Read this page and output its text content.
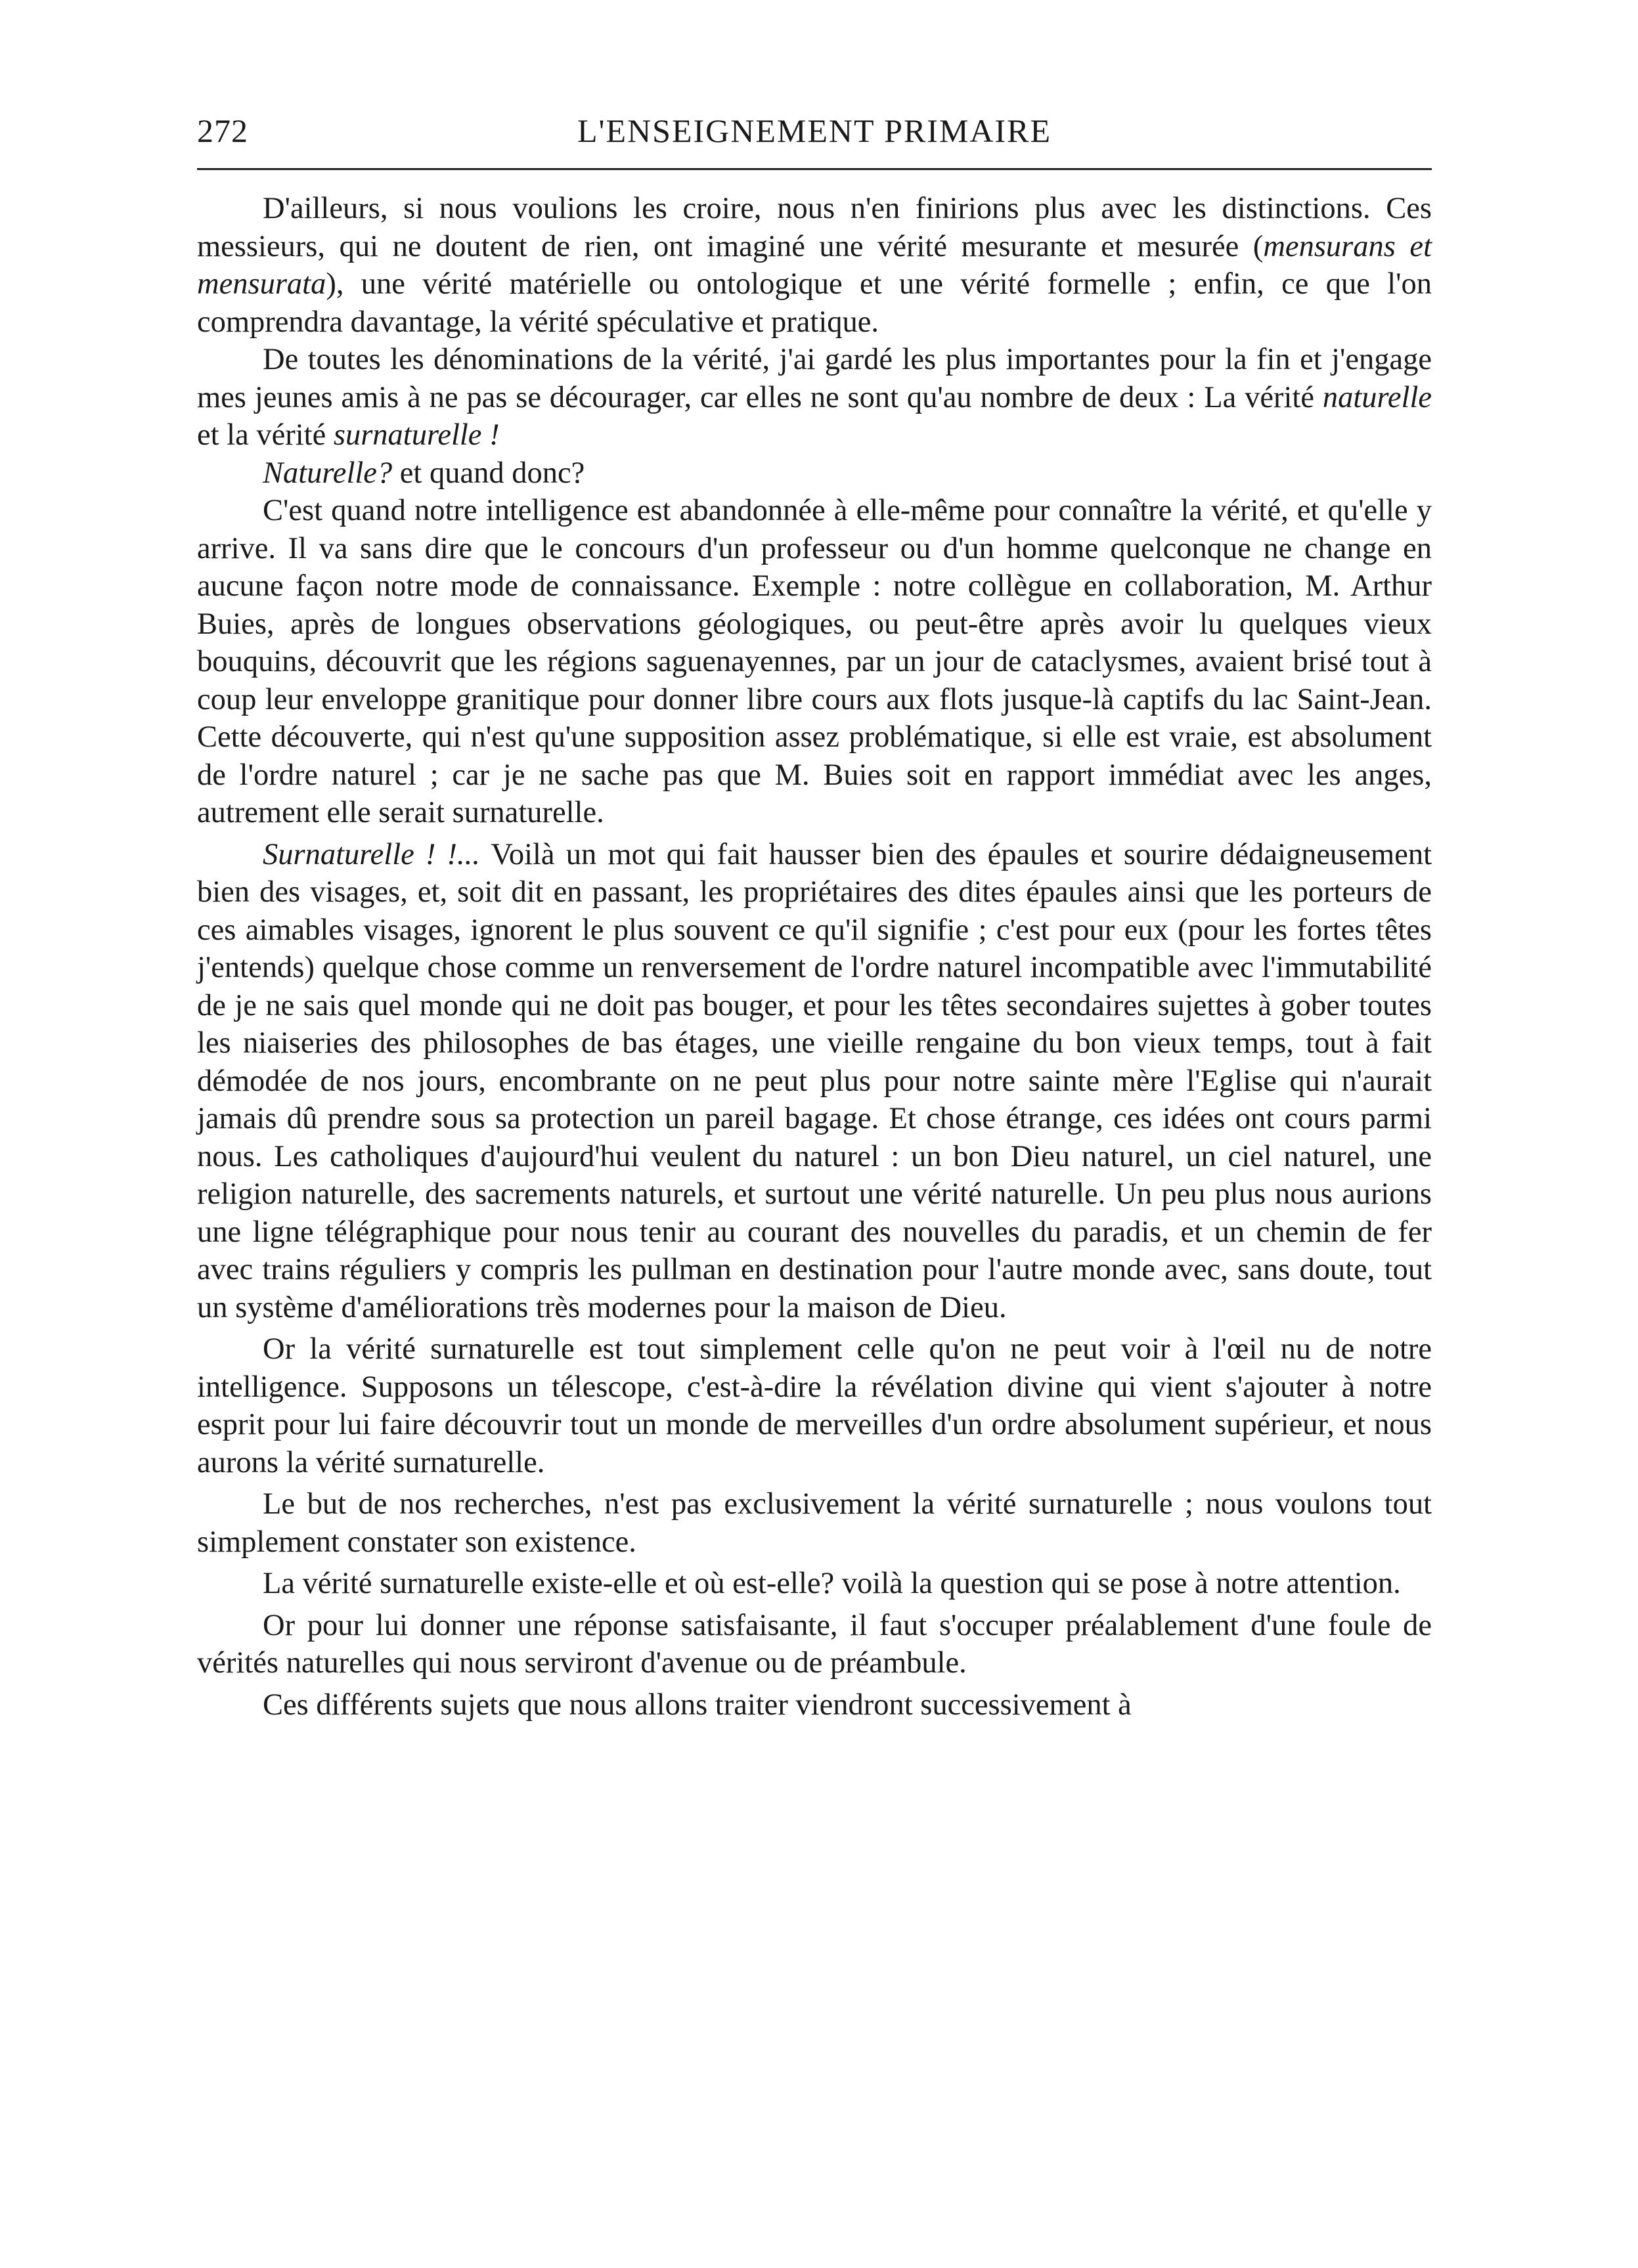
272	L'ENSEIGNEMENT PRIMAIRE

D'ailleurs, si nous voulions les croire, nous n'en finirions plus avec les distinctions. Ces messieurs, qui ne doutent de rien, ont imaginé une vérité mesurante et mesurée (mensurans et mensurata), une vérité matérielle ou ontologique et une vérité formelle ; enfin, ce que l'on comprendra davantage, la vérité spéculative et pratique.

De toutes les dénominations de la vérité, j'ai gardé les plus importantes pour la fin et j'engage mes jeunes amis à ne pas se décourager, car elles ne sont qu'au nombre de deux : La vérité naturelle et la vérité surnaturelle !

Naturelle? et quand donc?

C'est quand notre intelligence est abandonnée à elle-même pour connaître la vérité, et qu'elle y arrive. Il va sans dire que le concours d'un professeur ou d'un homme quelconque ne change en aucune façon notre mode de connaissance. Exemple : notre collègue en collaboration, M. Arthur Buies, après de longues observations géologiques, ou peut-être après avoir lu quelques vieux bouquins, découvrit que les régions saguenayennes, par un jour de cataclysmes, avaient brisé tout à coup leur enveloppe granitique pour donner libre cours aux flots jusque-là captifs du lac Saint-Jean. Cette découverte, qui n'est qu'une supposition assez problématique, si elle est vraie, est absolument de l'ordre naturel ; car je ne sache pas que M. Buies soit en rapport immédiat avec les anges, autrement elle serait surnaturelle.

Surnaturelle ! !... Voilà un mot qui fait hausser bien des épaules et sourire dédaigneusement bien des visages, et, soit dit en passant, les propriétaires des dites épaules ainsi que les porteurs de ces aimables visages, ignorent le plus souvent ce qu'il signifie ; c'est pour eux (pour les fortes têtes j'entends) quelque chose comme un renversement de l'ordre naturel incompatible avec l'immutabilité de je ne sais quel monde qui ne doit pas bouger, et pour les têtes secondaires sujettes à gober toutes les niaiseries des philosophes de bas étages, une vieille rengaine du bon vieux temps, tout à fait démodée de nos jours, encombrante on ne peut plus pour notre sainte mère l'Eglise qui n'aurait jamais dû prendre sous sa protection un pareil bagage. Et chose étrange, ces idées ont cours parmi nous. Les catholiques d'aujourd'hui veulent du naturel : un bon Dieu naturel, un ciel naturel, une religion naturelle, des sacrements naturels, et surtout une vérité naturelle. Un peu plus nous aurions une ligne télégraphique pour nous tenir au courant des nouvelles du paradis, et un chemin de fer avec trains réguliers y compris les pullman en destination pour l'autre monde avec, sans doute, tout un système d'améliorations très modernes pour la maison de Dieu.

Or la vérité surnaturelle est tout simplement celle qu'on ne peut voir à l'œil nu de notre intelligence. Supposons un télescope, c'est-à-dire la révélation divine qui vient s'ajouter à notre esprit pour lui faire découvrir tout un monde de merveilles d'un ordre absolument supérieur, et nous aurons la vérité surnaturelle.

Le but de nos recherches, n'est pas exclusivement la vérité surnaturelle ; nous voulons tout simplement constater son existence.

La vérité surnaturelle existe-elle et où est-elle? voilà la question qui se pose à notre attention.

Or pour lui donner une réponse satisfaisante, il faut s'occuper préalablement d'une foule de vérités naturelles qui nous serviront d'avenue ou de préambule.

Ces différents sujets que nous allons traiter viendront successivement à
